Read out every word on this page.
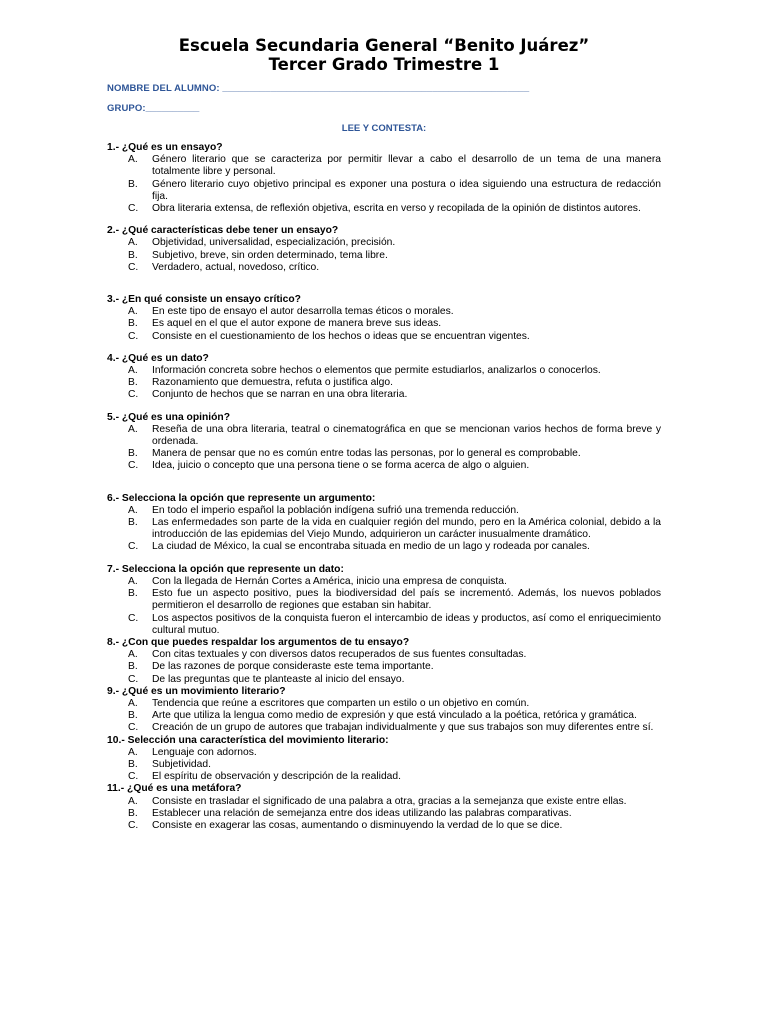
Escuela Secundaria General “Benito Juárez”
Tercer Grado Trimestre 1
NOMBRE DEL ALUMNO: _________________________________________________________
GRUPO:__________
LEE Y CONTESTA:
1.- ¿Qué es un ensayo?
A.	Género literario que se caracteriza por permitir llevar a cabo el desarrollo de un tema de una manera totalmente libre y personal.
B.	Género literario cuyo objetivo principal es exponer una postura o idea siguiendo una estructura de redacción fija.
C.	Obra literaria extensa, de reflexión objetiva, escrita en verso y recopilada de la opinión de distintos autores.
2.- ¿Qué características debe tener un ensayo?
A.	Objetividad, universalidad, especialización, precisión.
B.	Subjetivo, breve, sin orden determinado, tema libre.
C.	Verdadero, actual, novedoso, crítico.
3.- ¿En qué consiste un ensayo crítico?
A.	En este tipo de ensayo el autor desarrolla temas éticos o morales.
B.	Es aquel en el que el autor expone de manera breve sus ideas.
C.	Consiste en el cuestionamiento de los hechos o ideas que se encuentran vigentes.
4.- ¿Qué es un dato?
A.	Información concreta sobre hechos o elementos que permite estudiarlos, analizarlos o conocerlos.
B.	Razonamiento que demuestra, refuta o justifica algo.
C.	Conjunto de hechos que se narran en una obra literaria.
5.- ¿Qué es una opinión?
A.	Reseña de una obra literaria, teatral o cinematográfica en que se mencionan varios hechos de forma breve y ordenada.
B.	Manera de pensar que no es común entre todas las personas, por lo general es comprobable.
C.	Idea, juicio o concepto que una persona tiene o se forma acerca de algo o alguien.
6.- Selecciona la opción que represente un argumento:
A.	En todo el imperio español la población indígena sufrió una tremenda reducción.
B.	Las enfermedades son parte de la vida en cualquier región del mundo, pero en la América colonial, debido a la introducción de las epidemias del Viejo Mundo, adquirieron un carácter inusualmente dramático.
C.	La ciudad de México, la cual se encontraba situada en medio de un lago y rodeada por canales.
7.- Selecciona la opción que represente un dato:
A.	Con la llegada de Hernán Cortes a América, inicio una empresa de conquista.
B.	Esto fue un aspecto positivo, pues la biodiversidad del país se incrementó. Además, los nuevos poblados permitieron el desarrollo de regiones que estaban sin habitar.
C.	Los aspectos positivos de la conquista fueron el intercambio de ideas y productos, así como el enriquecimiento cultural mutuo.
8.- ¿Con que puedes respaldar los argumentos de tu ensayo?
A.	Con citas textuales y con diversos datos recuperados de sus fuentes consultadas.
B.	De las razones de porque consideraste este tema importante.
C.	De las preguntas que te planteaste al inicio del ensayo.
9.- ¿Qué es un movimiento literario?
A.	Tendencia que reúne a escritores que comparten un estilo o un objetivo en común.
B.	Arte que utiliza la lengua como medio de expresión y que está vinculado a la poética, retórica y gramática.
C.	Creación de un grupo de autores que trabajan individualmente y que sus trabajos son muy diferentes entre sí.
10.- Selección una característica del movimiento literario:
A.	Lenguaje con adornos.
B.	Subjetividad.
C.	El espíritu de observación y descripción de la realidad.
11.- ¿Qué es una metáfora?
A.	Consiste en trasladar el significado de una palabra a otra, gracias a la semejanza que existe entre ellas.
B.	Establecer una relación de semejanza entre dos ideas utilizando las palabras comparativas.
C.	Consiste en exagerar las cosas, aumentando o disminuyendo la verdad de lo que se dice.
